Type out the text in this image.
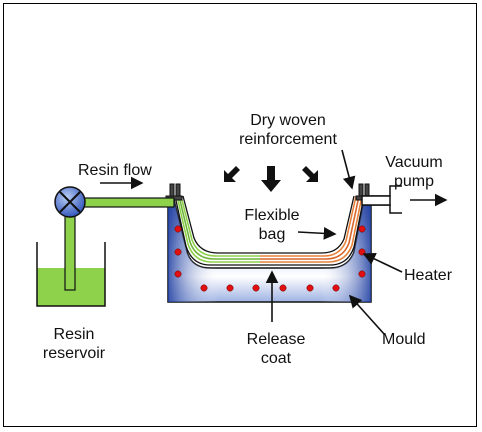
Dry woven
reinforcement
Resin flow	Vacuum
pump
Flexible
bag
Heater
Resin
reservoir
Release
coat
Mould
